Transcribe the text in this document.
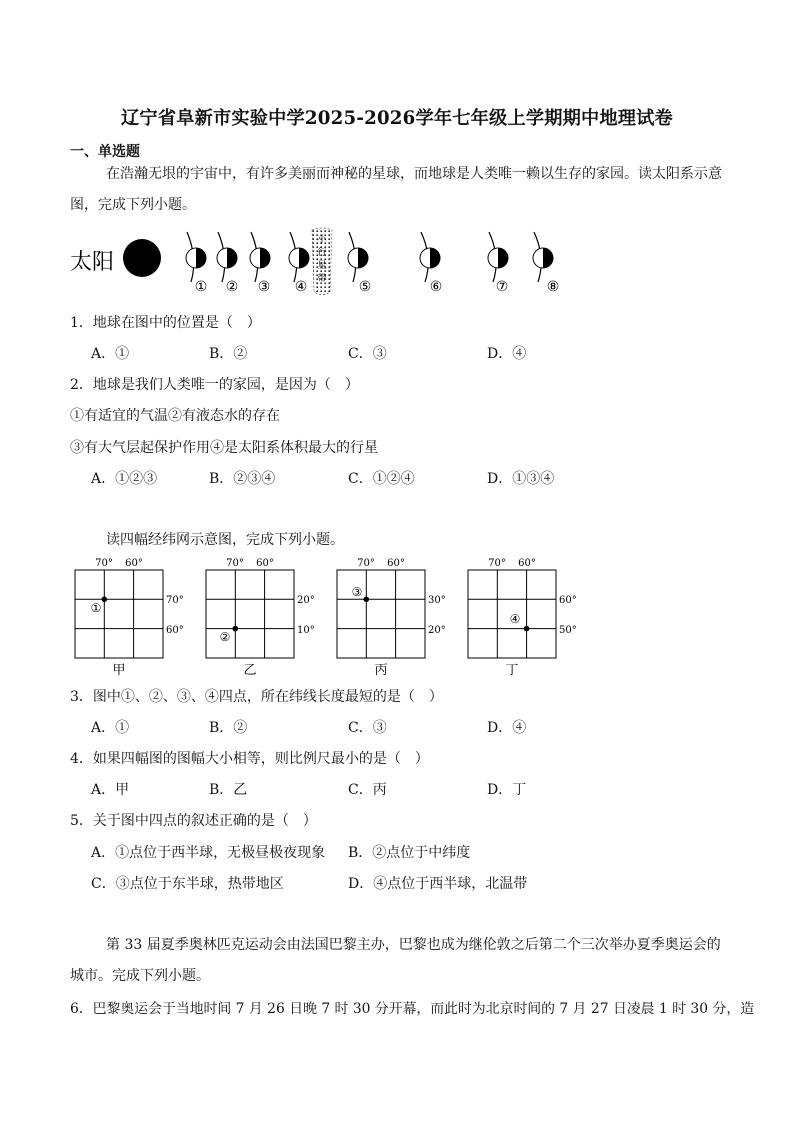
辽宁省阜新市实验中学2025-2026学年七年级上学期期中地理试卷
一、单选题
在浩瀚无垠的宇宙中，有许多美丽而神秘的星球，而地球是人类唯一赖以生存的家园。读太阳系示意
图，完成下列小题。
太阳
小
行
星
带
① ② ③ ④	⑤	⑥	⑦	⑧
1．地球在图中的位置是（　）
A．①	B．②	C．③	D．④
2．地球是我们人类唯一的家园，是因为（　）
①有适宜的气温②有液态水的存在
③有大气层起保护作用④是太阳系体积最大的行星
A．①②③	B．②③④	C．①②④	D．①③④
读四幅经纬网示意图，完成下列小题。
70° 60°
70°
60°
①
甲
70° 60°
20°
10°
②
乙
70° 60°
30°
20°
③
丙
70° 60°
60°
50°
④
丁
3．图中①、②、③、④四点，所在纬线长度最短的是（　）
A．①	B．②	C．③	D．④
4．如果四幅图的图幅大小相等，则比例尺最小的是（　）
A．甲	B．乙	C．丙	D．丁
5．关于图中四点的叙述正确的是（　）
A．①点位于西半球，无极昼极夜现象 B．②点位于中纬度
C．③点位于东半球，热带地区	D．④点位于西半球，北温带
第 33 届夏季奥林匹克运动会由法国巴黎主办，巴黎也成为继伦敦之后第二个三次举办夏季奥运会的
城市。完成下列小题。
6．巴黎奥运会于当地时间 7 月 26 日晚 7 时 30 分开幕，而此时为北京时间的 7 月 27 日凌晨 1 时 30 分，造
